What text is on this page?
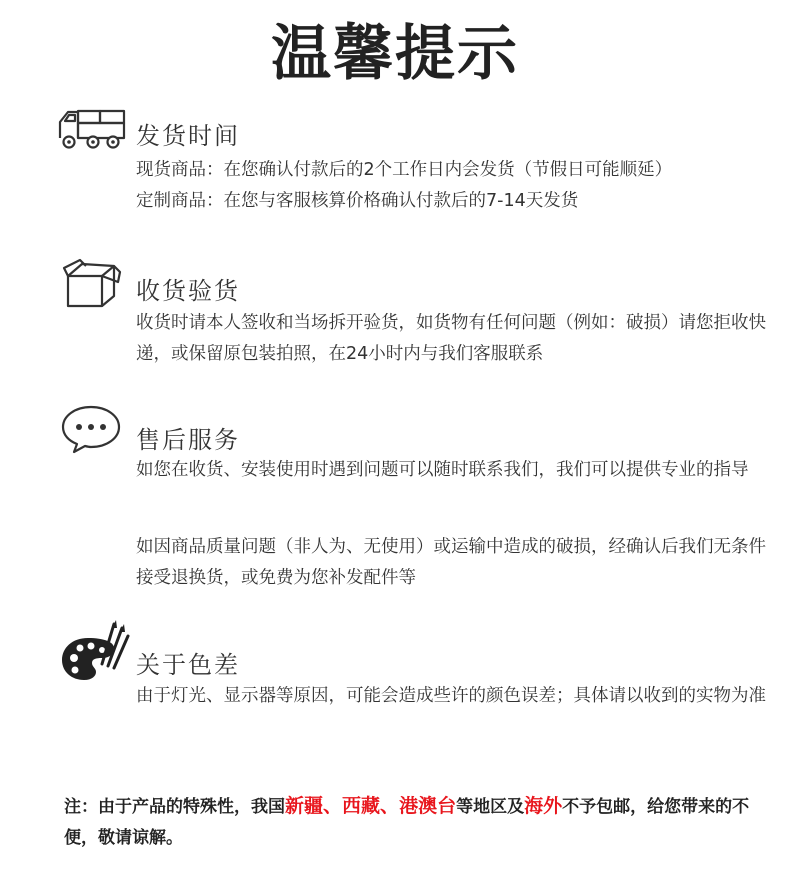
温馨提示
发货时间

现货商品：在您确认付款后的2个工作日内会发货（节假日可能顺延）

定制商品：在您与客服核算价格确认付款后的7-14天发货

收货验货

收货时请本人签收和当场拆开验货，如货物有任何问题（例如：破损）请您拒收快递，或保留原包装拍照，在24小时内与我们客服联系

售后服务

如您在收货、安装使用时遇到问题可以随时联系我们，我们可以提供专业的指导

如因商品质量问题（非人为、无使用）或运输中造成的破损，经确认后我们无条件接受退换货，或免费为您补发配件等

关于色差

由于灯光、显示器等原因，可能会造成些许的颜色误差；具体请以收到的实物为准

注：由于产品的特殊性，我国新疆、西藏、港澳台等地区及海外不予包邮，给您带来的不便，敬请谅解。
